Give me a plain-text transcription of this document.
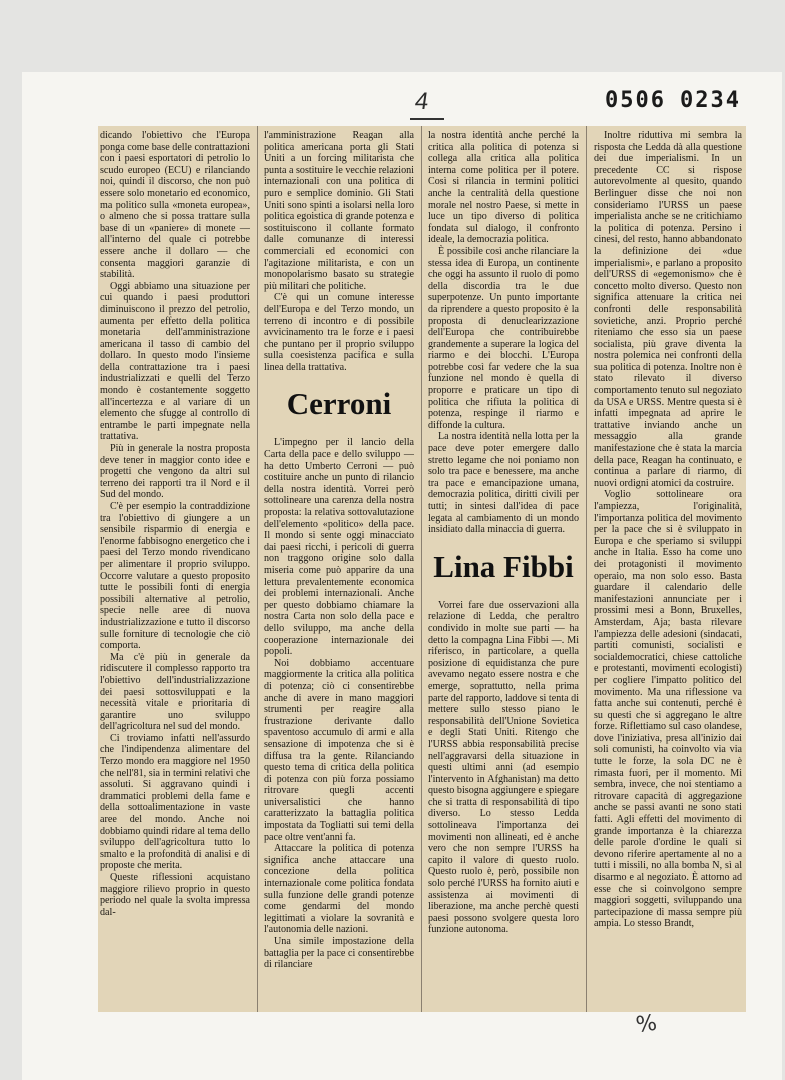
4	0506 0234

dicando l'obiettivo che l'Europa ponga come base delle contrattazioni con i paesi esportatori di petrolio lo scudo europeo (ECU) e rilanciando noi, quindi il discorso, che non può essere solo monetario ed economico, ma politico sulla «moneta europea», o almeno che si possa trattare sulla base di un «paniere» di monete — all'interno del quale ci potrebbe essere anche il dollaro — che consenta maggiori garanzie di stabilità.

Oggi abbiamo una situazione per cui quando i paesi produttori diminuiscono il prezzo del petrolio, aumenta per effetto della politica monetaria dell'amministrazione americana il tasso di cambio del dollaro. In questo modo l'insieme della contrattazione tra i paesi industrializzati e quelli del Terzo mondo è costantemente soggetto all'incertezza e al variare di un elemento che sfugge al controllo di entrambe le parti impegnate nella trattativa.

Più in generale la nostra proposta deve tener in maggior conto idee e progetti che vengono da altri sul terreno dei rapporti tra il Nord e il Sud del mondo.

C'è per esempio la contraddizione tra l'obiettivo di giungere a un sensibile risparmio di energia e l'enorme fabbisogno energetico che i paesi del Terzo mondo rivendicano per alimentare il proprio sviluppo. Occorre valutare a questo proposito tutte le possibili fonti di energia possibili alternative al petrolio, specie nelle aree di nuova industrializzazione e tutto il discorso sulle forniture di tecnologie che ciò comporta.

Ma c'è più in generale da ridiscutere il complesso rapporto tra l'obiettivo dell'industrializzazione dei paesi sottosviluppati e la necessità vitale e prioritaria di garantire uno sviluppo dell'agricoltura nel sud del mondo.

Ci troviamo infatti nell'assurdo che l'indipendenza alimentare del Terzo mondo era maggiore nel 1950 che nell'81, sia in termini relativi che assoluti. Si aggravano quindi i drammatici problemi della fame e della sottoalimentazione in vaste aree del mondo. Anche noi dobbiamo quindi ridare al tema dello sviluppo dell'agricoltura tutto lo smalto e la profondità di analisi e di proposte che merita.

Queste riflessioni acquistano maggiore rilievo proprio in questo periodo nel quale la svolta impressa dal-

l'amministrazione Reagan alla politica americana porta gli Stati Uniti a un forcing militarista che punta a sostituire le vecchie relazioni internazionali con una politica di puro e semplice dominio. Gli Stati Uniti sono spinti a isolarsi nella loro politica egoistica di grande potenza e sostituiscono il collante formato dalle comunanze di interessi commerciali ed economici con l'agitazione militarista, e con un monopolarismo basato su strategie più militari che politiche.

C'è qui un comune interesse dell'Europa e del Terzo mondo, un terreno di incontro e di possibile avvicinamento tra le forze e i paesi che puntano per il proprio sviluppo sulla coesistenza pacifica e sulla linea della trattativa.

Cerroni

L'impegno per il lancio della Carta della pace e dello sviluppo — ha detto Umberto Cerroni — può costituire anche un punto di rilancio della nostra identità. Vorrei però sottolineare una carenza della nostra proposta: la relativa sottovalutazione dell'elemento «politico» della pace. Il mondo si sente oggi minacciato dai paesi ricchi, i pericoli di guerra non traggono origine solo dalla miseria come può apparire da una lettura prevalentemente economica dei problemi internazionali. Anche per questo dobbiamo chiamare la nostra Carta non solo della pace e dello sviluppo, ma anche della cooperazione internazionale dei popoli.

Noi dobbiamo accentuare maggiormente la critica alla politica di potenza; ciò ci consentirebbe anche di avere in mano maggiori strumenti per reagire alla frustrazione derivante dallo spaventoso accumulo di armi e alla sensazione di impotenza che si è diffusa tra la gente. Rilanciando questo tema di critica della politica di potenza con più forza possiamo ritrovare quegli accenti universalistici che hanno caratterizzato la battaglia politica impostata da Togliatti sui temi della pace oltre vent'anni fa.

Attaccare la politica di potenza significa anche attaccare una concezione della politica internazionale come politica fondata sulla funzione delle grandi potenze come gendarmi del mondo legittimati a violare la sovranità e l'autonomia delle nazioni.

Una simile impostazione della battaglia per la pace ci consentirebbe di rilanciare

la nostra identità anche perché la critica alla politica di potenza si collega alla critica alla politica interna come politica per il potere. Così si rilancia in termini politici anche la centralità della questione morale nel nostro Paese, si mette in luce un tipo diverso di politica fondata sul dialogo, il confronto ideale, la democrazia politica.

È possibile così anche rilanciare la stessa idea di Europa, un continente che oggi ha assunto il ruolo di pomo della discordia tra le due superpotenze. Un punto importante da riprendere a questo proposito è la proposta di denuclearizzazione dell'Europa che contribuirebbe grandemente a superare la logica del riarmo e dei blocchi. L'Europa potrebbe così far vedere che la sua funzione nel mondo è quella di proporre e praticare un tipo di politica che rifiuta la politica di potenza, respinge il riarmo e diffonde la cultura.

La nostra identità nella lotta per la pace deve poter emergere dallo stretto legame che noi poniamo non solo tra pace e benessere, ma anche tra pace e emancipazione umana, democrazia politica, diritti civili per tutti; in sintesi dall'idea di pace legata al cambiamento di un mondo insidiato dalla minaccia di guerra.

Lina Fibbi

Vorrei fare due osservazioni alla relazione di Ledda, che peraltro condivido in molte sue parti — ha detto la compagna Lina Fibbi —. Mi riferisco, in particolare, a quella posizione di equidistanza che pure avevamo negato essere nostra e che emerge, soprattutto, nella prima parte del rapporto, laddove si tenta di mettere sullo stesso piano le responsabilità dell'Unione Sovietica e degli Stati Uniti. Ritengo che l'URSS abbia responsabilità precise nell'aggravarsi della situazione in questi ultimi anni (ad esempio l'intervento in Afghanistan) ma detto questo bisogna aggiungere e spiegare che si tratta di responsabilità di tipo diverso. Lo stesso Ledda sottolineava l'importanza dei movimenti non allineati, ed è anche vero che non sempre l'URSS ha capito il valore di questo ruolo. Questo ruolo è, però, possibile non solo perché l'URSS ha fornito aiuti e assistenza ai movimenti di liberazione, ma anche perchè questi paesi possono svolgere questa loro funzione autonoma.

Inoltre riduttiva mi sembra la risposta che Ledda dà alla questione dei due imperialismi. In un precedente CC si rispose autorevolmente al quesito, quando Berlinguer disse che noi non consideriamo l'URSS un paese imperialista anche se ne critichiamo la politica di potenza. Persino i cinesi, del resto, hanno abbandonato la definizione dei «due imperialismi», e parlano a proposito dell'URSS di «egemonismo» che è concetto molto diverso. Questo non significa attenuare la critica nei confronti delle responsabilità sovietiche, anzi. Proprio perché riteniamo che esso sia un paese socialista, più grave diventa la nostra polemica nei confronti della sua politica di potenza. Inoltre non è stato rilevato il diverso comportamento tenuto sul negoziato da USA e URSS. Mentre questa si è infatti impegnata ad aprire le trattative inviando anche un messaggio alla grande manifestazione che è stata la marcia della pace, Reagan ha continuato, e continua a parlare di riarmo, di nuovi ordigni atomici da costruire.

Voglio sottolineare ora l'ampiezza, l'originalità, l'importanza politica del movimento per la pace che si è sviluppato in Europa e che speriamo si sviluppi anche in Italia. Esso ha come uno dei protagonisti il movimento operaio, ma non solo esso. Basta guardare il calendario delle manifestazioni annunciate per i prossimi mesi a Bonn, Bruxelles, Amsterdam, Aja; basta rilevare l'ampiezza delle adesioni (sindacati, partiti comunisti, socialisti e socialdemocratici, chiese cattoliche e protestanti, movimenti ecologisti) per cogliere l'impatto politico del movimento. Ma una riflessione va fatta anche sui contenuti, perché è su questi che si aggregano le altre forze. Riflettiamo sul caso olandese, dove l'iniziativa, presa all'inizio dai soli comunisti, ha coinvolto via via tutte le forze, la sola DC ne è rimasta fuori, per il momento. Mi sembra, invece, che noi stentiamo a ritrovare capacità di aggregazione anche se passi avanti ne sono stati fatti. Agli effetti del movimento di grande importanza è la chiarezza delle parole d'ordine le quali si devono riferire apertamente al no a tutti i missili, no alla bomba N, sì al disarmo e al negoziato. È attorno ad esse che si coinvolgono sempre maggiori soggetti, sviluppando una partecipazione di massa sempre più ampia. Lo stesso Brandt,

%
